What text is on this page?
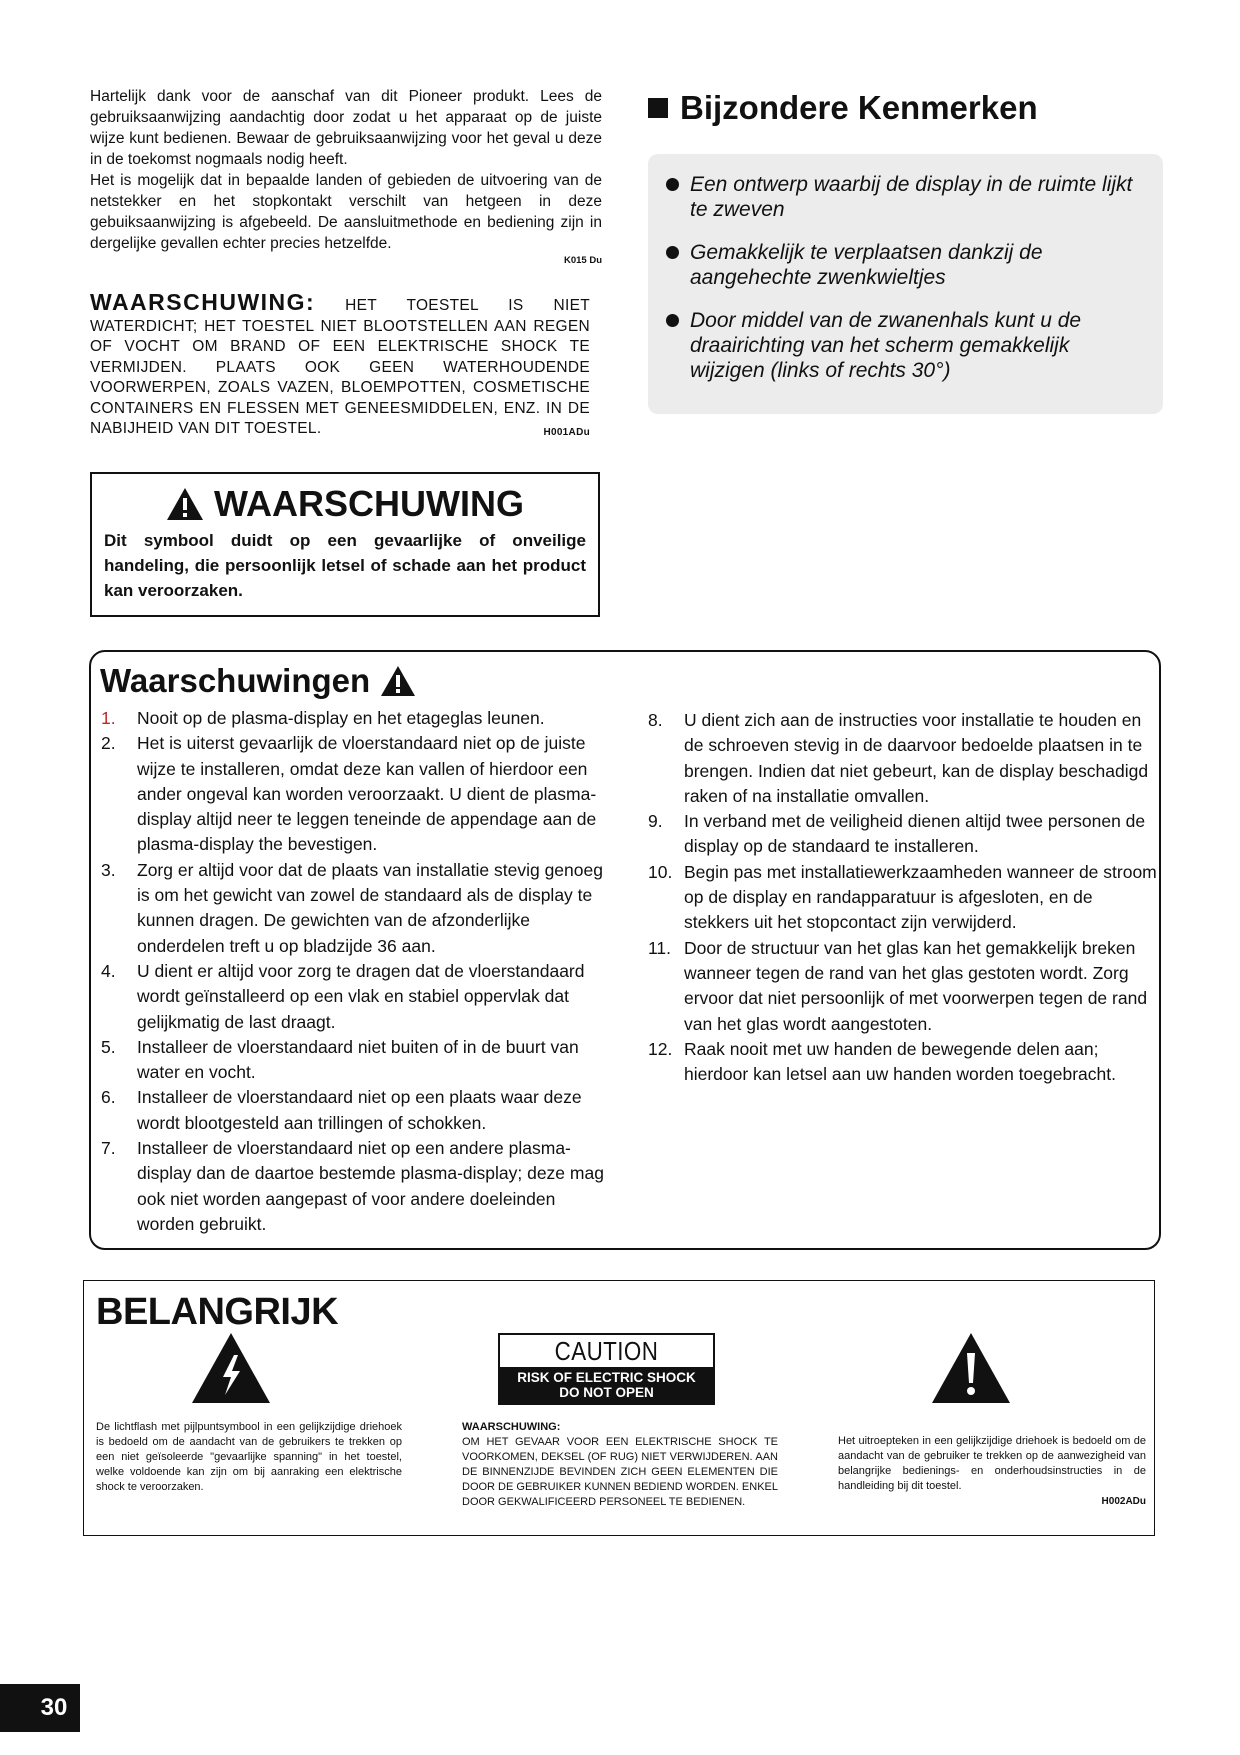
Hartelijk dank voor de aanschaf van dit Pioneer produkt. Lees de gebruiksaanwijzing aandachtig door zodat u het apparaat op de juiste wijze kunt bedienen. Bewaar de gebruiksaanwijzing voor het geval u deze in de toekomst nogmaals nodig heeft.

Het is mogelijk dat in bepaalde landen of gebieden de uitvoering van de netstekker en het stopkontakt verschilt van hetgeen in deze gebuiksaanwijzing is afgebeeld. De aansluitmethode en bediening zijn in dergelijke gevallen echter precies hetzelfde.

K015 Du
WAARSCHUWING: HET TOESTEL IS NIET WATERDICHT; HET TOESTEL NIET BLOOTSTELLEN AAN REGEN OF VOCHT OM BRAND OF EEN ELEKTRISCHE SHOCK TE VERMIJDEN. PLAATS OOK GEEN WATERHOUDENDE VOORWERPEN, ZOALS VAZEN, BLOEMPOTTEN, COSMETISCHE CONTAINERS EN FLESSEN MET GENEESMIDDELEN, ENZ. IN DE NABIJHEID VAN DIT TOESTEL.	H001ADu
WAARSCHUWING
Dit symbool duidt op een gevaarlijke of onveilige handeling, die persoonlijk letsel of schade aan het product kan veroorzaken.
Bijzondere Kenmerken
Een ontwerp waarbij de display in de ruimte lijkt te zweven
Gemakkelijk te verplaatsen dankzij de aangehechte zwenkwieltjes
Door middel van de zwanenhals kunt u de draairichting van het scherm gemakkelijk wijzigen (links of rechts 30°)
Waarschuwingen
1. Nooit op de plasma-display en het etageglas leunen.
2. Het is uiterst gevaarlijk de vloerstandaard niet op de juiste wijze te installeren, omdat deze kan vallen of hierdoor een ander ongeval kan worden veroorzaakt. U dient de plasma-display altijd neer te leggen teneinde de appendage aan de plasma-display the bevestigen.
3. Zorg er altijd voor dat de plaats van installatie stevig genoeg is om het gewicht van zowel de standaard als de display te kunnen dragen. De gewichten van de afzonderlijke onderdelen treft u op bladzijde 36 aan.
4. U dient er altijd voor zorg te dragen dat de vloerstandaard wordt geïnstalleerd op een vlak en stabiel oppervlak dat gelijkmatig de last draagt.
5. Installeer de vloerstandaard niet buiten of in de buurt van water en vocht.
6. Installeer de vloerstandaard niet op een plaats waar deze wordt blootgesteld aan trillingen of schokken.
7. Installeer de vloerstandaard niet op een andere plasma-display dan de daartoe bestemde plasma-display; deze mag ook niet worden aangepast of voor andere doeleinden worden gebruikt.
8. U dient zich aan de instructies voor installatie te houden en de schroeven stevig in de daarvoor bedoelde plaatsen in te brengen. Indien dat niet gebeurt, kan de display beschadigd raken of na installatie omvallen.
9. In verband met de veiligheid dienen altijd twee personen de display op de standaard te installeren.
10. Begin pas met installatiewerkzaamheden wanneer de stroom op de display en randapparatuur is afgesloten, en de stekkers uit het stopcontact zijn verwijderd.
11. Door de structuur van het glas kan het gemakkelijk breken wanneer tegen de rand van het glas gestoten wordt. Zorg ervoor dat niet persoonlijk of met voorwerpen tegen de rand van het glas wordt aangestoten.
12. Raak nooit met uw handen de bewegende delen aan; hierdoor kan letsel aan uw handen worden toegebracht.
BELANGRIJK
CAUTION
RISK OF ELECTRIC SHOCK
DO NOT OPEN
De lichtflash met pijlpuntsymbool in een gelijkzijdige driehoek is bedoeld om de aandacht van de gebruikers te trekken op een niet geïsoleerde "gevaarlijke spanning" in het toestel, welke voldoende kan zijn om bij aanraking een elektrische shock te veroorzaken.
WAARSCHUWING:
OM HET GEVAAR VOOR EEN ELEKTRISCHE SHOCK TE VOORKOMEN, DEKSEL (OF RUG) NIET VERWIJDEREN. AAN DE BINNENZIJDE BEVINDEN ZICH GEEN ELEMENTEN DIE DOOR DE GEBRUIKER KUNNEN BEDIEND WORDEN. ENKEL DOOR GEKWALIFICEERD PERSONEEL TE BEDIENEN.
Het uitroepteken in een gelijkzijdige driehoek is bedoeld om de aandacht van de gebruiker te trekken op de aanwezigheid van belangrijke bedienings- en onderhoudsinstructies in de handleiding bij dit toestel.
H002ADu
30
